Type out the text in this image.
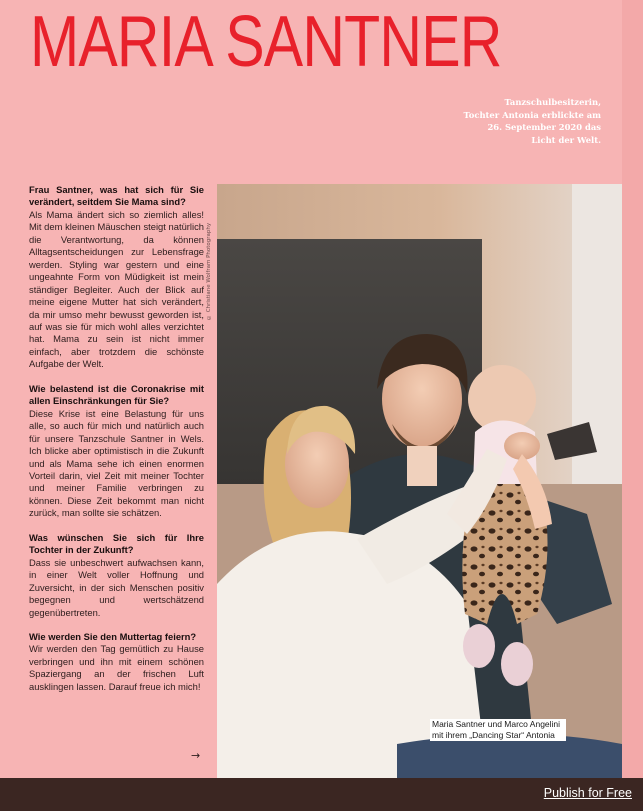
MARIA SANTNER
Tanzschulbesitzerin,
Tochter Antonia erblickte am
26. September 2020 das
Licht der Welt.
Frau Santner, was hat sich für Sie verändert, seitdem Sie Mama sind?
Als Mama ändert sich so ziemlich alles! Mit dem kleinen Mäuschen steigt natürlich die Verantwortung, da können Alltagsentscheidungen zur Lebensfrage werden. Styling war gestern und eine ungeahnte Form von Müdigkeit ist mein ständiger Begleiter. Auch der Blick auf meine eigene Mutter hat sich verändert, da mir umso mehr bewusst geworden ist, auf was sie für mich wohl alles verzichtet hat. Mama zu sein ist nicht immer einfach, aber trotzdem die schönste Aufgabe der Welt.
Wie belastend ist die Coronakrise mit allen Einschränkungen für Sie?
Diese Krise ist eine Belastung für uns alle, so auch für mich und natürlich auch für unsere Tanzschule Santner in Wels. Ich blicke aber optimistisch in die Zukunft und als Mama sehe ich einen enormen Vorteil darin, viel Zeit mit meiner Tochter und meiner Familie verbringen zu können. Diese Zeit bekommt man nicht zurück, man sollte sie schätzen.
Was wünschen Sie sich für Ihre Tochter in der Zukunft?
Dass sie unbeschwert aufwachsen kann, in einer Welt voller Hoffnung und Zuversicht, in der sich Menschen positiv begegnen und wertschätzend gegenübertreten.
Wie werden Sie den Muttertag feiern?
Wir werden den Tag gemütlich zu Hause verbringen und ihn mit einem schönen Spaziergang an der frischen Luft ausklingen lassen. Darauf freue ich mich!
→
© Christiane Wolfram Photography
Maria Santner und Marco Angelini
mit ihrem „Dancing Star“ Antonia
Publish for Free
